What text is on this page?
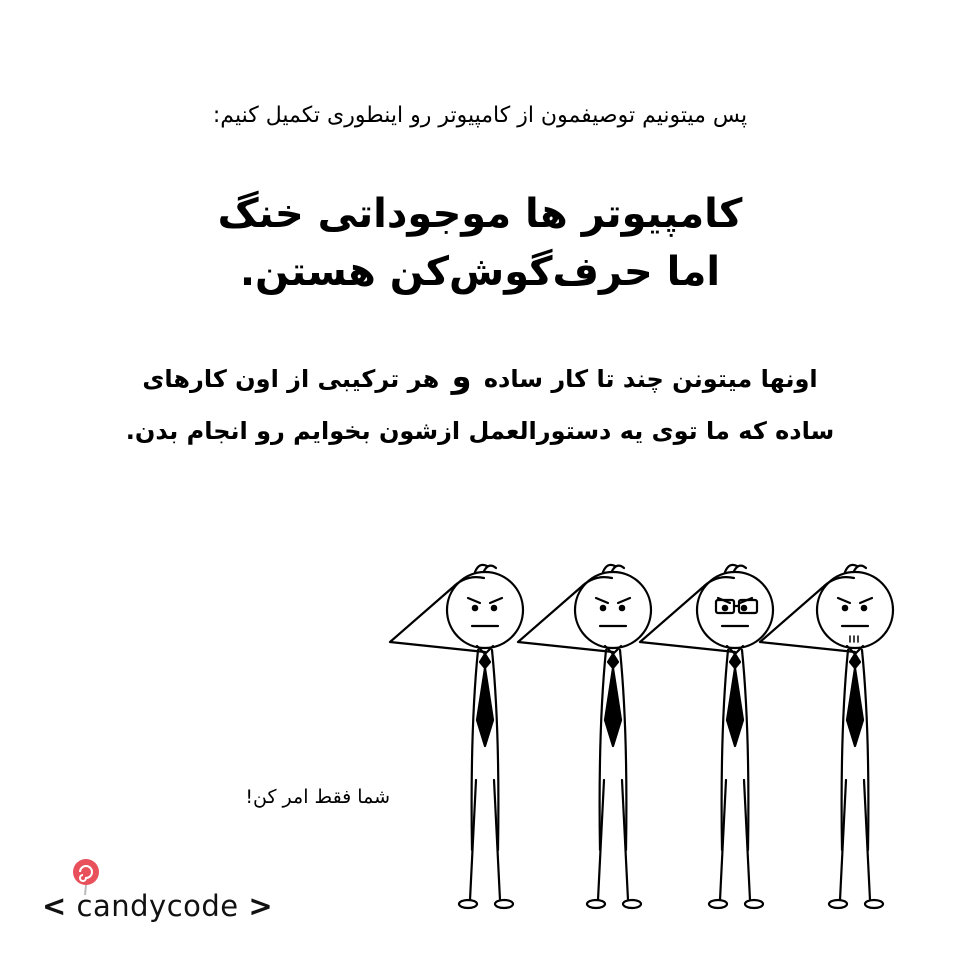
پس میتونیم توصیفمون از کامپیوتر رو اینطوری تکمیل کنیم:
کامپیوتر ها موجوداتی خنگ
اما حرف‌گوش‌کن هستن.
اونها میتونن چند تا کار ساده و هر ترکیبی از اون کارهای ساده که ما توی یه دستورالعمل ازشون بخوایم رو انجام بدن.
شما فقط امر کن!
< candycode >
